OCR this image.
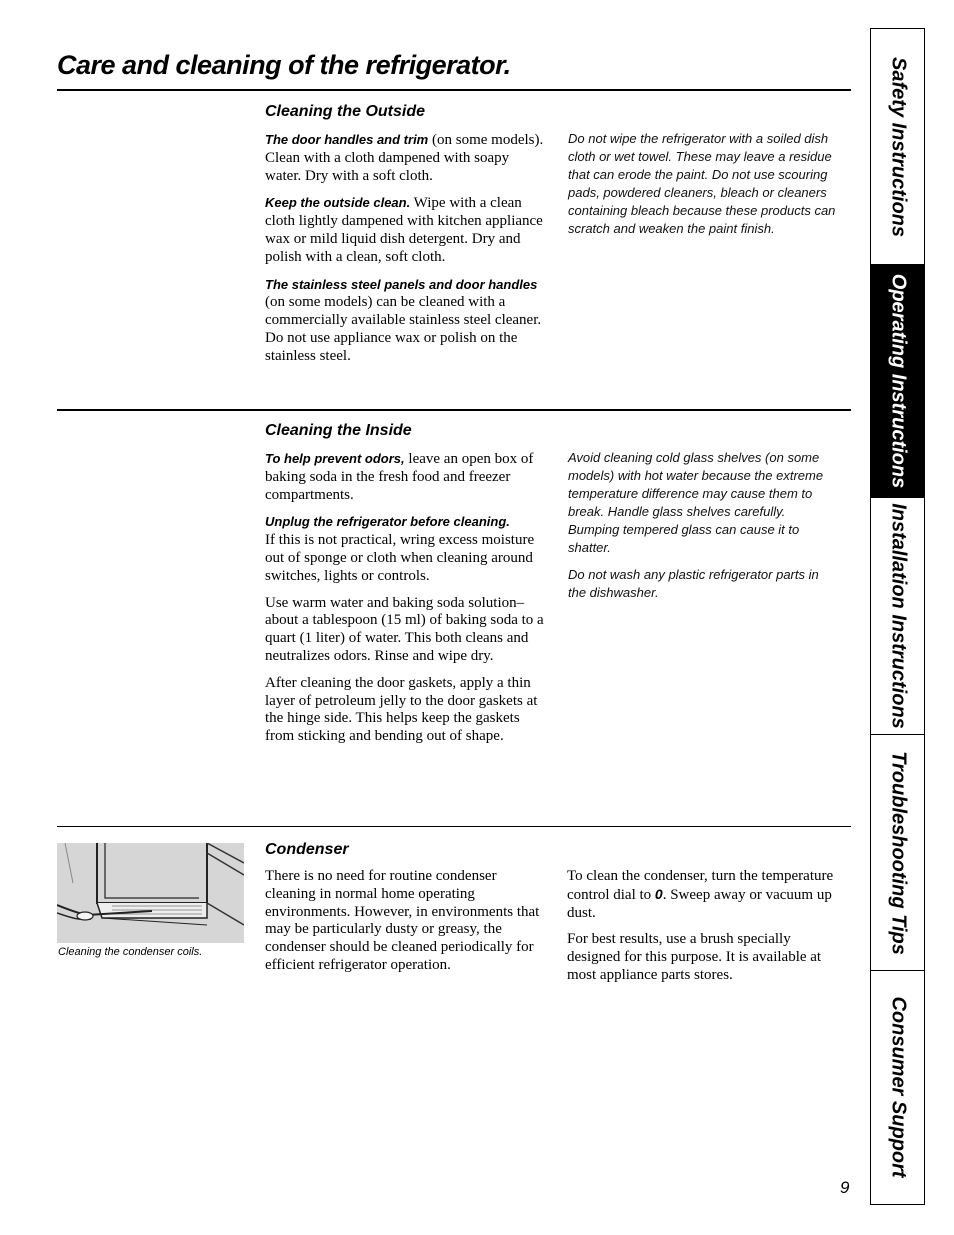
Care and cleaning of the refrigerator.
Cleaning the Outside

The door handles and trim (on some models). Clean with a cloth dampened with soapy water. Dry with a soft cloth.

Keep the outside clean. Wipe with a clean cloth lightly dampened with kitchen appliance wax or mild liquid dish detergent. Dry and polish with a clean, soft cloth.

The stainless steel panels and door handles (on some models) can be cleaned with a commercially available stainless steel cleaner. Do not use appliance wax or polish on the stainless steel.

Do not wipe the refrigerator with a soiled dish cloth or wet towel. These may leave a residue that can erode the paint. Do not use scouring pads, powdered cleaners, bleach or cleaners containing bleach because these products can scratch and weaken the paint finish.

Cleaning the Inside

To help prevent odors, leave an open box of baking soda in the fresh food and freezer compartments.

Unplug the refrigerator before cleaning.
If this is not practical, wring excess moisture out of sponge or cloth when cleaning around switches, lights or controls.

Use warm water and baking soda solution–about a tablespoon (15 ml) of baking soda to a quart (1 liter) of water. This both cleans and neutralizes odors. Rinse and wipe dry.

After cleaning the door gaskets, apply a thin layer of petroleum jelly to the door gaskets at the hinge side. This helps keep the gaskets from sticking and bending out of shape.

Avoid cleaning cold glass shelves (on some models) with hot water because the extreme temperature difference may cause them to break. Handle glass shelves carefully. Bumping tempered glass can cause it to shatter.

Do not wash any plastic refrigerator parts in the dishwasher.

Cleaning the condenser coils.
Condenser

There is no need for routine condenser cleaning in normal home operating environments. However, in environments that may be particularly dusty or greasy, the condenser should be cleaned periodically for efficient refrigerator operation.

To clean the condenser, turn the temperature control dial to 0. Sweep away or vacuum up dust.

For best results, use a brush specially designed for this purpose. It is available at most appliance parts stores.

9
Safety Instructions
Operating Instructions
Installation Instructions
Troubleshooting Tips
Consumer Support
